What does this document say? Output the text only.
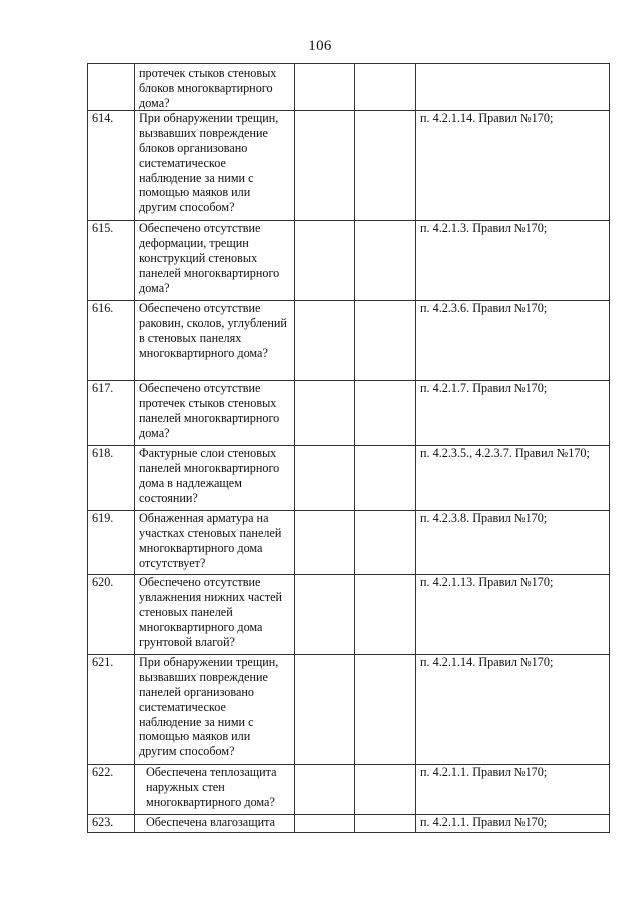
106
	протечек стыков стеновых блоков многоквартирного дома?			
614.	При обнаружении трещин, вызвавших повреждение блоков организовано систематическое наблюдение за ними с помощью маяков или другим способом?			п. 4.2.1.14. Правил №170;
615.	Обеспечено отсутствие деформации, трещин конструкций стеновых панелей многоквартирного дома?			п. 4.2.1.3. Правил №170;
616.	Обеспечено отсутствие раковин, сколов, углублений в стеновых панелях многоквартирного дома?			п. 4.2.3.6. Правил №170;
617.	Обеспечено отсутствие протечек стыков стеновых панелей многоквартирного дома?			п. 4.2.1.7. Правил №170;
618.	Фактурные слои стеновых панелей многоквартирного дома в надлежащем состоянии?			п. 4.2.3.5., 4.2.3.7. Правил №170;
619.	Обнаженная арматура на участках стеновых панелей многоквартирного дома отсутствует?			п. 4.2.3.8. Правил №170;
620.	Обеспечено отсутствие увлажнения нижних частей стеновых панелей многоквартирного дома грунтовой влагой?			п. 4.2.1.13. Правил №170;
621.	При обнаружении трещин, вызвавших повреждение панелей организовано систематическое наблюдение за ними с помощью маяков или другим способом?			п. 4.2.1.14. Правил №170;
622.	Обеспечена теплозащита наружных стен многоквартирного дома?			п. 4.2.1.1. Правил №170;
623.	Обеспечена влагозащита			п. 4.2.1.1. Правил №170;
